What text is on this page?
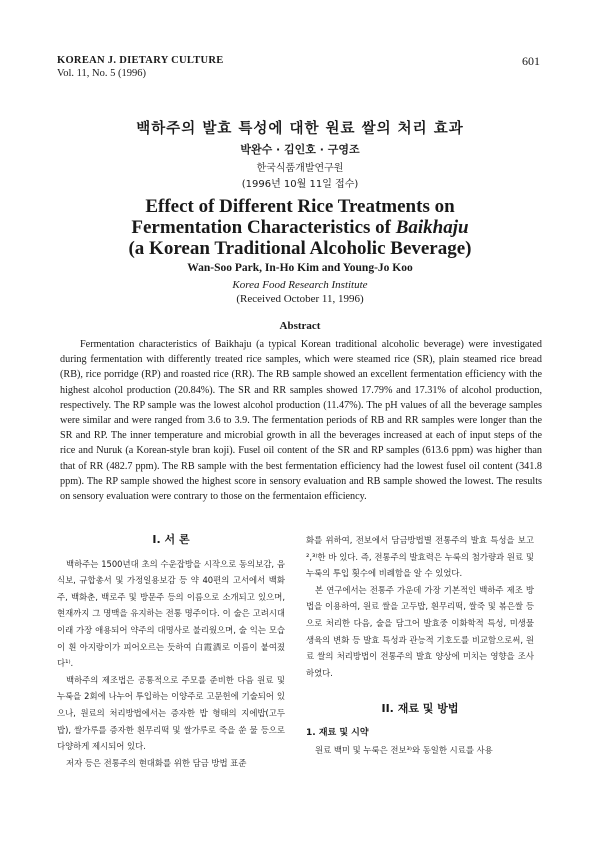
KOREAN J. DIETARY CULTURE
Vol. 11, No. 5 (1996)
601
백하주의 발효 특성에 대한 원료 쌀의 처리 효과
박완수 · 김인호 · 구영조
한국식품개발연구원
(1996년 10월 11일 접수)
Effect of Different Rice Treatments on
Fermentation Characteristics of Baikhaju
(a Korean Traditional Alcoholic Beverage)
Wan-Soo Park, In-Ho Kim and Young-Jo Koo
Korea Food Research Institute
(Received October 11, 1996)
Abstract

Fermentation characteristics of Baikhaju (a typical Korean traditional alcoholic beverage) were investigated during fermentation with differently treated rice samples, which were steamed rice (SR), plain steamed rice bread (RB), rice porridge (RP) and roasted rice (RR). The RB sample showed an excellent fermentation efficiency with the highest alcohol production (20.84%). The SR and RR samples showed 17.79% and 17.31% of alcohol production, respectively. The RP sample was the lowest alcohol production (11.47%). The pH values of all the beverage samples were similar and were ranged from 3.6 to 3.9. The fermentation periods of RB and RR samples were longer than the SR and RP. The inner temperature and microbial growth in all the beverages increased at each of input steps of the rice and Nuruk (a Korean-style bran koji). Fusel oil content of the SR and RP samples (613.6 ppm) was higher than that of RR (482.7 ppm). The RB sample with the best fermentation efficiency had the lowest fusel oil content (341.8 ppm). The RP sample showed the highest score in sensory evaluation and RB sample showed the lowest. The results on sensory evaluation were contrary to those on the fermentaion efficiency.

I. 서 론

백하주는 1500년대 초의 수운잡방을 시작으로 동의보감, 음식보, 규합총서 및 가정일용보감 등 약 40편의 고서에서 백화주, 백화춘, 백로주 및 방문주 등의 이름으로 소개되고 있으며, 현재까지 그 명맥을 유지하는 전통 명주이다. 이 술은 고려시대 이래 가장 애용되어 약주의 대명사로 불리웠으며, 술 익는 모습이 흰 아지랑이가 피어오르는 듯하여 白霞酒로 이름이 붙여졌다¹⁾.

백하주의 제조법은 공통적으로 주모를 준비한 다음 원료 및 누룩을 2회에 나누어 투입하는 이양주로 고문헌에 기술되어 있으나, 원료의 처리방법에서는 증자한 밥 형태의 지에밥(고두밥), 쌀가루를 증자한 흰무리떡 및 쌀가루로 죽을 쑨 물 등으로 다양하게 제시되어 있다.

저자 등은 전통주의 현대화를 위한 담금 방법 표준

화를 위하여, 전보에서 담금방법별 전통주의 발효 특성을 보고²,³⁾한 바 있다. 즉, 전통주의 발효력은 누룩의 첨가량과 원료 및 누룩의 투입 횟수에 비례함을 알 수 있었다.

본 연구에서는 전통주 가운데 가장 기본적인 백하주 제조 방법을 이용하여, 원료 쌀을 고두밥, 흰무리떡, 쌀죽 및 볶은쌀 등으로 처리한 다음, 술을 담그어 발효중 이화학적 특성, 미생물 생육의 변화 등 발효 특성과 관능적 기호도를 비교함으로써, 원료 쌀의 처리방법이 전통주의 발효 양상에 미치는 영향을 조사하였다.

II. 재료 및 방법
1. 재료 및 시약

원료 백미 및 누룩은 전보³⁾와 동일한 시료를 사용
